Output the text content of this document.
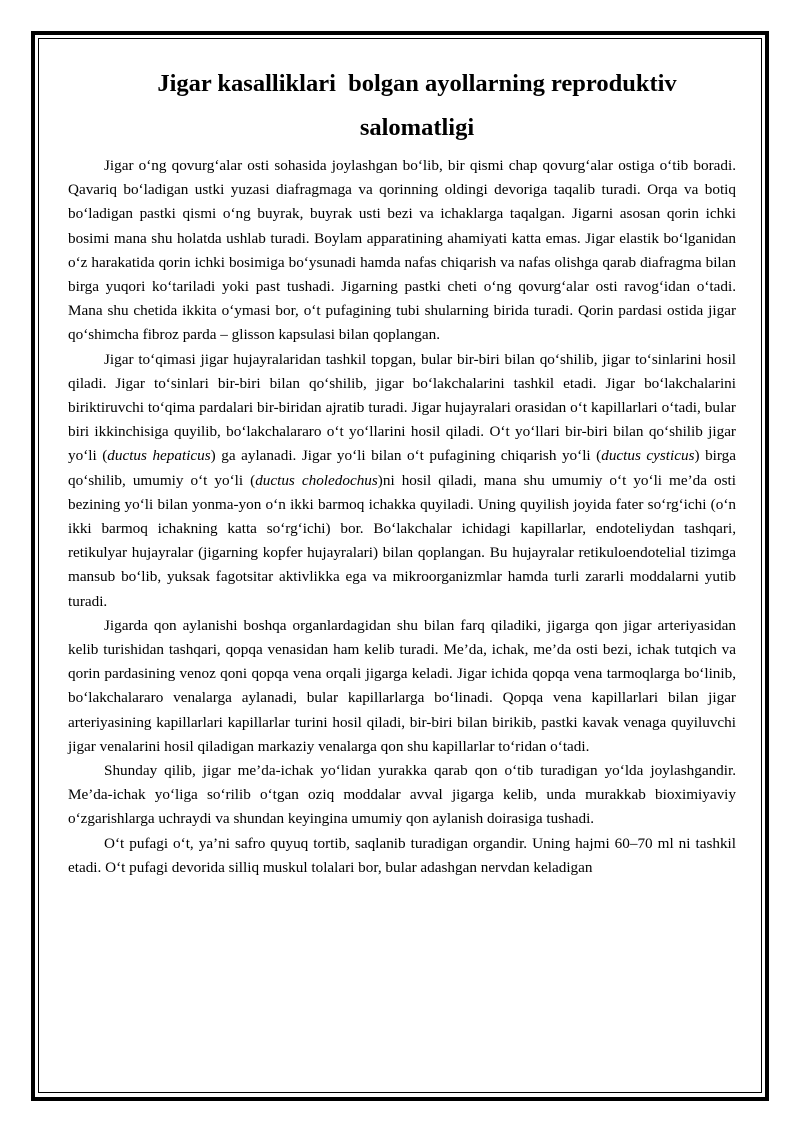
Jigar kasalliklari  bolgan ayollarning reproduktiv salomatligi

Jigar o‘ng qovurg‘alar osti sohasida joylashgan bo‘lib, bir qismi chap qovurg‘alar ostiga o‘tib boradi. Qavariq bo‘ladigan ustki yuzasi diafragmaga va qorinning oldingi devoriga taqalib turadi. Orqa va botiq bo‘ladigan pastki qismi o‘ng buyrak, buyrak usti bezi va ichaklarga taqalgan. Jigarni asosan qorin ichki bosimi mana shu holatda ushlab turadi. Boylam apparatining ahamiyati katta emas. Jigar elastik bo‘lganidan o‘z harakatida qorin ichki bosimiga bo‘ysunadi hamda nafas chiqarish va nafas olishga qarab diafragma bilan birga yuqori ko‘tariladi yoki past tushadi. Jigarning pastki cheti o‘ng qovurg‘alar osti ravog‘idan o‘tadi. Mana shu chetida ikkita o‘ymasi bor, o‘t pufagining tubi shularning birida turadi. Qorin pardasi ostida jigar qo‘shimcha fibroz parda – glisson kapsulasi bilan qoplangan.

Jigar to‘qimasi jigar hujayralaridan tashkil topgan, bular bir-biri bilan qo‘shilib, jigar to‘sinlarini hosil qiladi. Jigar to‘sinlari bir-biri bilan qo‘shilib, jigar bo‘lakchalarini tashkil etadi. Jigar bo‘lakchalarini biriktiruvchi to‘qima pardalari bir-biridan ajratib turadi. Jigar hujayralari orasidan o‘t kapillarlari o‘tadi, bular biri ikkinchisiga quyilib, bo‘lakchalararo o‘t yo‘llarini hosil qiladi. O‘t yo‘llari bir-biri bilan qo‘shilib jigar yo‘li (ductus hepaticus) ga aylanadi. Jigar yo‘li bilan o‘t pufagining chiqarish yo‘li (ductus cysticus) birga qo‘shilib, umumiy o‘t yo‘li (ductus choledochus)ni hosil qiladi, mana shu umumiy o‘t yo‘li me’da osti bezining yo‘li bilan yonma-yon o‘n ikki barmoq ichakka quyiladi. Uning quyilish joyida fater so‘rg‘ichi (o‘n ikki barmoq ichakning katta so‘rg‘ichi) bor. Bo‘lakchalar ichidagi kapillarlar, endoteliydan tashqari, retikulyar hujayralar (jigarning kopfer hujayralari) bilan qoplangan. Bu hujayralar retikuloendotelial tizimga mansub bo‘lib, yuksak fagotsitar aktivlikka ega va mikroorganizmlar hamda turli zararli moddalarni yutib turadi.

Jigarda qon aylanishi boshqa organlardagidan shu bilan farq qiladiki, jigarga qon jigar arteriyasidan kelib turishidan tashqari, qopqa venasidan ham kelib turadi. Me’da, ichak, me’da osti bezi, ichak tutqich va qorin pardasining venoz qoni qopqa vena orqali jigarga keladi. Jigar ichida qopqa vena tarmoqlarga bo‘linib, bo‘lakchalararo venalarga aylanadi, bular kapillarlarga bo‘linadi. Qopqa vena kapillarlari bilan jigar arteriyasining kapillarlari kapillarlar turini hosil qiladi, bir-biri bilan birikib, pastki kavak venaga quyiluvchi jigar venalarini hosil qiladigan markaziy venalarga qon shu kapillarlar to‘ridan o‘tadi.

Shunday qilib, jigar me’da-ichak yo‘lidan yurakka qarab qon o‘tib turadigan yo‘lda joylashgandir. Me’da-ichak yo‘liga so‘rilib o‘tgan oziq moddalar avval jigarga kelib, unda murakkab bioximiyaviy o‘zgarishlarga uchraydi va shundan keyingina umumiy qon aylanish doirasiga tushadi.

O‘t pufagi o‘t, ya’ni safro quyuq tortib, saqlanib turadigan organdir. Uning hajmi 60–70 ml ni tashkil etadi. O‘t pufagi devorida silliq muskul tolalari bor, bular adashgan nervdan keladigan
